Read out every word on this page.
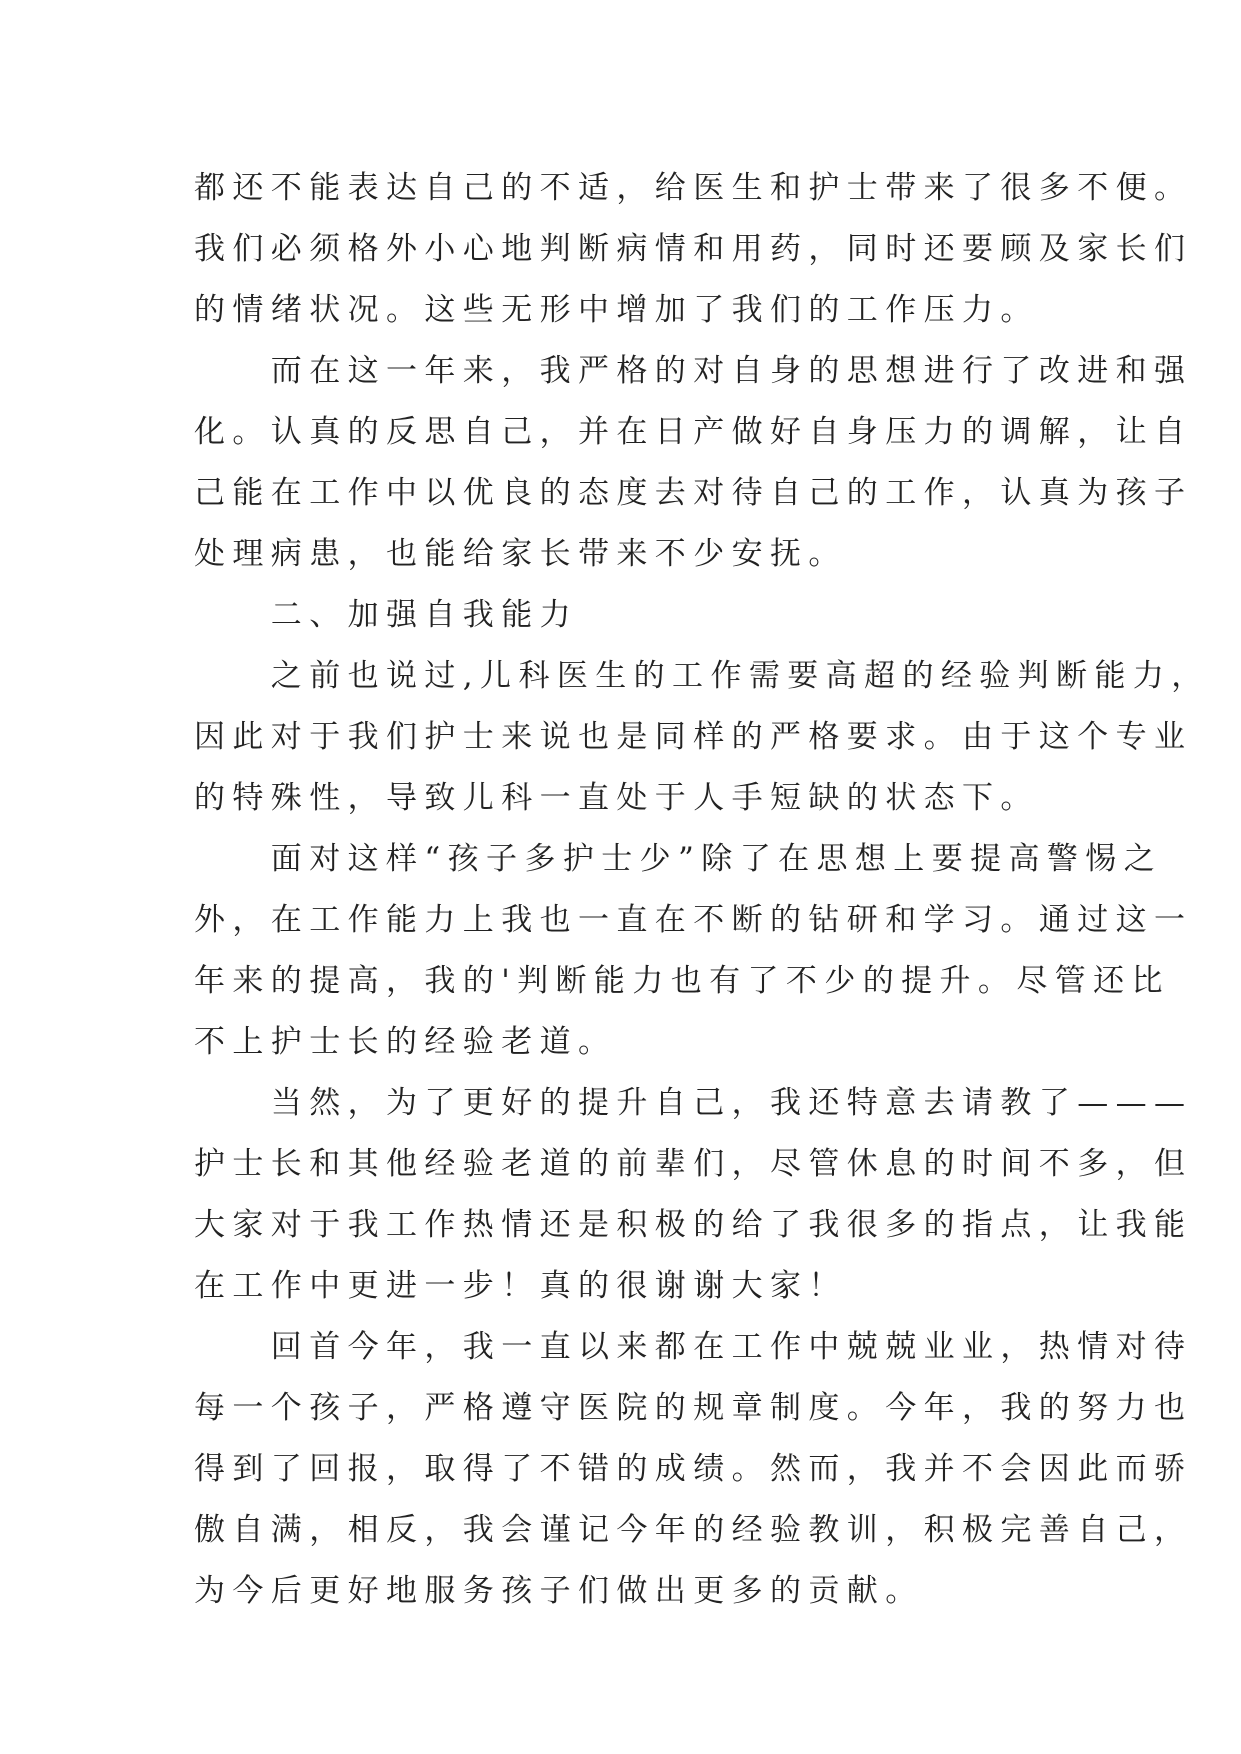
都还不能表达自己的不适，给医生和护士带来了很多不便。
我们必须格外小心地判断病情和用药，同时还要顾及家长们
的情绪状况。这些无形中增加了我们的工作压力。
　　而在这一年来，我严格的对自身的思想进行了改进和强
化。认真的反思自己，并在日产做好自身压力的调解，让自
己能在工作中以优良的态度去对待自己的工作，认真为孩子
处理病患，也能给家长带来不少安抚。
　　二、加强自我能力
　　之前也说过,儿科医生的工作需要高超的经验判断能力，
因此对于我们护士来说也是同样的严格要求。由于这个专业
的特殊性，导致儿科一直处于人手短缺的状态下。
　　面对这样“孩子多护士少”除了在思想上要提高警惕之
外，在工作能力上我也一直在不断的钻研和学习。通过这一
年来的提高，我的'判断能力也有了不少的提升。尽管还比
不上护士长的经验老道。
　　当然，为了更好的提升自己，我还特意去请教了———
护士长和其他经验老道的前辈们，尽管休息的时间不多，但
大家对于我工作热情还是积极的给了我很多的指点，让我能
在工作中更进一步！真的很谢谢大家！
　　回首今年，我一直以来都在工作中兢兢业业，热情对待
每一个孩子，严格遵守医院的规章制度。今年，我的努力也
得到了回报，取得了不错的成绩。然而，我并不会因此而骄
傲自满，相反，我会谨记今年的经验教训，积极完善自己，
为今后更好地服务孩子们做出更多的贡献。
